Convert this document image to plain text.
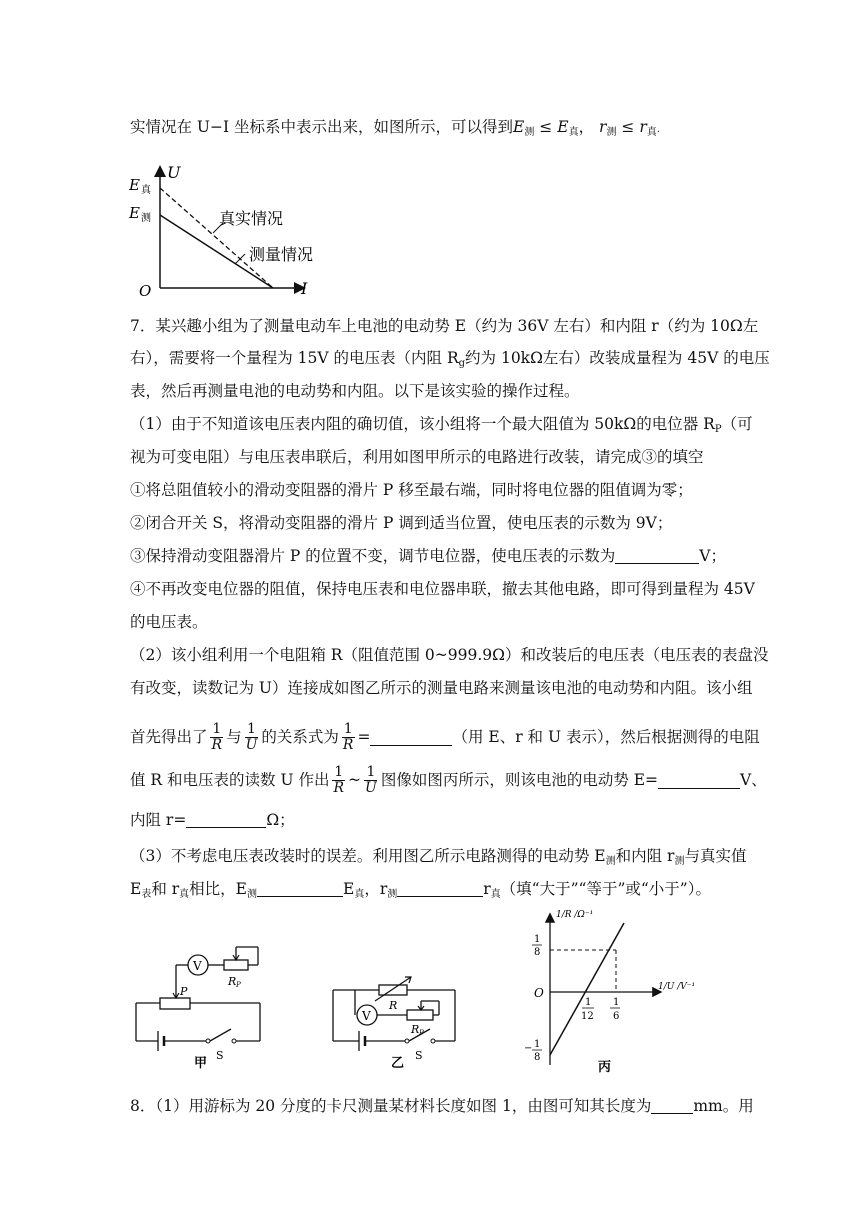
实情况在 U−I 坐标系中表示出来，如图所示，可以得到$E_测 \le E_真$， $r_测 \le r_真$.
U
I
O
E 真
E 测	真实情况
测量情况
7．某兴趣小组为了测量电动车上电池的电动势 E（约为 36V 左右）和内阻 r（约为 10Ω左
右），需要将一个量程为 15V 的电压表（内阻 $R_g$约为 10kΩ左右）改装成量程为 45V 的电压
表，然后再测量电池的电动势和内阻。以下是该实验的操作过程。
（1）由于不知道该电压表内阻的确切值，该小组将一个最大阻值为 50kΩ的电位器 $R_P$（可
视为可变电阻）与电压表串联后，利用如图甲所示的电路进行改装，请完成③的填空
①将总阻值较小的滑动变阻器的滑片 P 移至最右端，同时将电位器的阻值调为零；
②闭合开关 S，将滑动变阻器的滑片 P 调到适当位置，使电压表的示数为 9V；
③保持滑动变阻器滑片 P 的位置不变，调节电位器，使电压表的示数为	V；
④不再改变电位器的阻值，保持电压表和电位器串联，撤去其他电路，即可得到量程为 45V
的电压表。
（2）该小组利用一个电阻箱 R（阻值范围 0~999.9Ω）和改装后的电压表（电压表的表盘没
有改变，读数记为 U）连接成如图乙所示的测量电路来测量该电池的电动势和内阻。该小组
首先得出了 $\frac{1}{R}$ 与 $\frac{1}{U}$ 的关系式为 $\frac{1}{R}$ =	（用 E、r 和 U 表示），然后根据测得的电阻
值 R 和电压表的读数 U 作出 $\frac{1}{R}$ ~ $\frac{1}{U}$ 图像如图丙所示，则该电池的电动势 E=	V、
内阻 r=	Ω；
（3）不考虑电压表改装时的误差。利用图乙所示电路测得的电动势 $E_测$和内阻 $r_测$与真实值
$E_表$和 $r_真$相比，$E_测$	$E_真$，$r_测$	$r_真$（填“大于”“等于”或“小于”）。
P
V
R P
S
甲
R
V
R P
S
乙
1/R /Ω⁻¹
1/U /V⁻¹
1
8
O
− 1
8
1
12
1
6
丙
8．（1）用游标为 20 分度的卡尺测量某材料长度如图 1，由图可知其长度为	mm。用
